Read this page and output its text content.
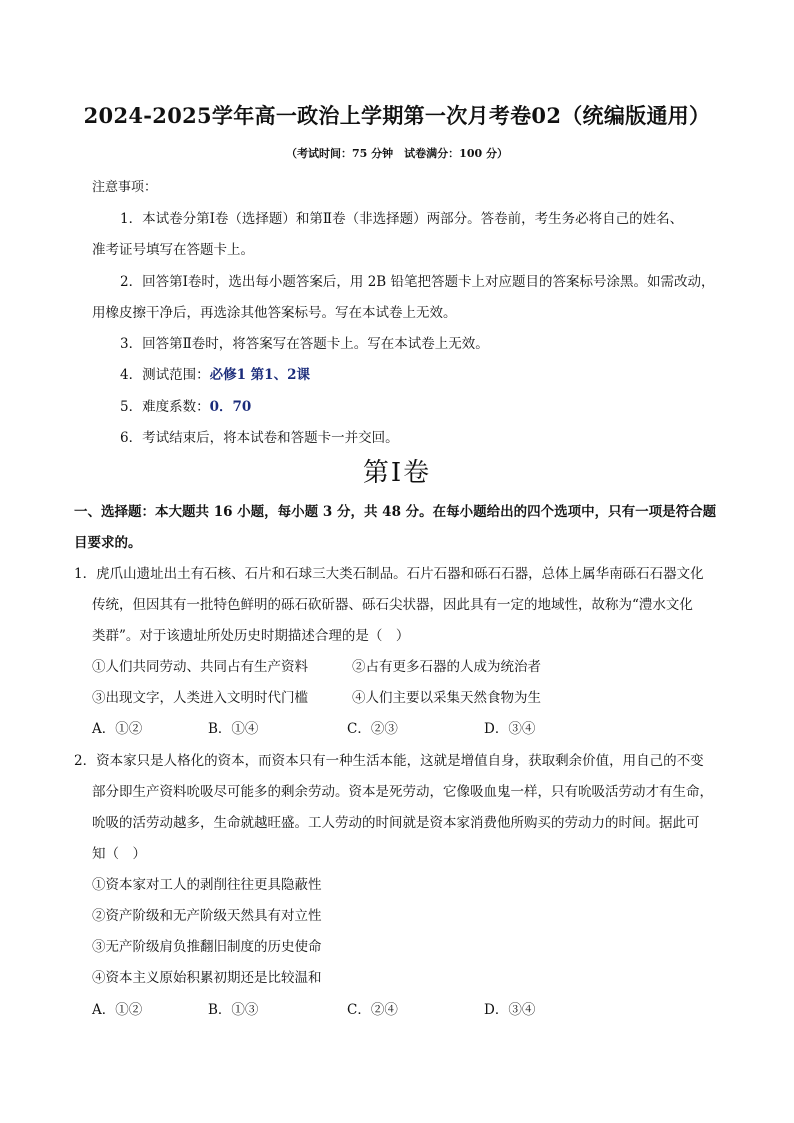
2024-2025学年高一政治上学期第一次月考卷02（统编版通用）
（考试时间：75 分钟　试卷满分：100 分）
注意事项：
1．本试卷分第Ⅰ卷（选择题）和第Ⅱ卷（非选择题）两部分。答卷前，考生务必将自己的姓名、
准考证号填写在答题卡上。
2．回答第Ⅰ卷时，选出每小题答案后，用 2B 铅笔把答题卡上对应题目的答案标号涂黑。如需改动，
用橡皮擦干净后，再选涂其他答案标号。写在本试卷上无效。
3．回答第Ⅱ卷时，将答案写在答题卡上。写在本试卷上无效。
4．测试范围：必修1 第1、2课
5．难度系数：0．70
6．考试结束后，将本试卷和答题卡一并交回。
第Ⅰ卷
一、选择题：本大题共 16 小题，每小题 3 分，共 48 分。在每小题给出的四个选项中，只有一项是符合题
目要求的。
1．虎爪山遗址出土有石核、石片和石球三大类石制品。石片石器和砾石石器，总体上属华南砾石石器文化
传统，但因其有一批特色鲜明的砾石砍斫器、砾石尖状器，因此具有一定的地域性，故称为“澧水文化
类群”。对于该遗址所处历史时期描述合理的是（　）
①人们共同劳动、共同占有生产资料	②占有更多石器的人成为统治者
③出现文字，人类进入文明时代门槛	④人们主要以采集天然食物为生
A．①②	B．①④	C．②③	D．③④
2．资本家只是人格化的资本，而资本只有一种生活本能，这就是增值自身，获取剩余价值，用自己的不变
部分即生产资料吮吸尽可能多的剩余劳动。资本是死劳动，它像吸血鬼一样，只有吮吸活劳动才有生命，
吮吸的活劳动越多，生命就越旺盛。工人劳动的时间就是资本家消费他所购买的劳动力的时间。据此可
知（　）
①资本家对工人的剥削往往更具隐蔽性
②资产阶级和无产阶级天然具有对立性
③无产阶级肩负推翻旧制度的历史使命
④资本主义原始积累初期还是比较温和
A．①②	B．①③	C．②④	D．③④
